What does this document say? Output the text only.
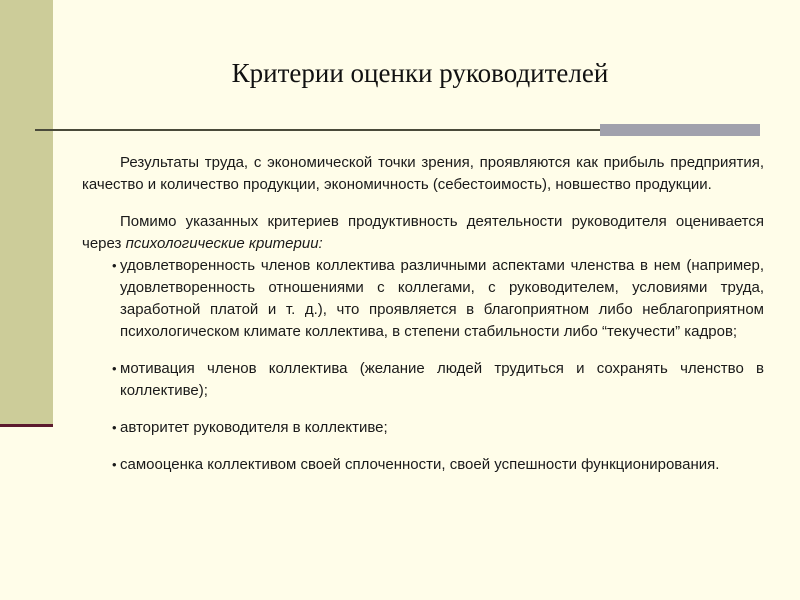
Критерии оценки руководителей

Результаты труда, с экономической точки зрения, проявляются как прибыль предприятия, качество и количество продукции, экономичность (себестоимость), новшество продукции.

Помимо указанных критериев продуктивность деятельности руководителя оценивается через психологические критерии:

• удовлетворенность членов коллектива различными аспектами членства в нем (например, удовлетворенность отношениями с коллегами, с руководителем, условиями труда, заработной платой и т. д.), что проявляется в благоприятном либо неблагоприятном психологическом климате коллектива, в степени стабильности либо “текучести” кадров;

• мотивация членов коллектива (желание людей трудиться и сохранять членство в коллективе);

• авторитет руководителя в коллективе;

• самооценка коллективом своей сплоченности, своей успешности функционирования.
